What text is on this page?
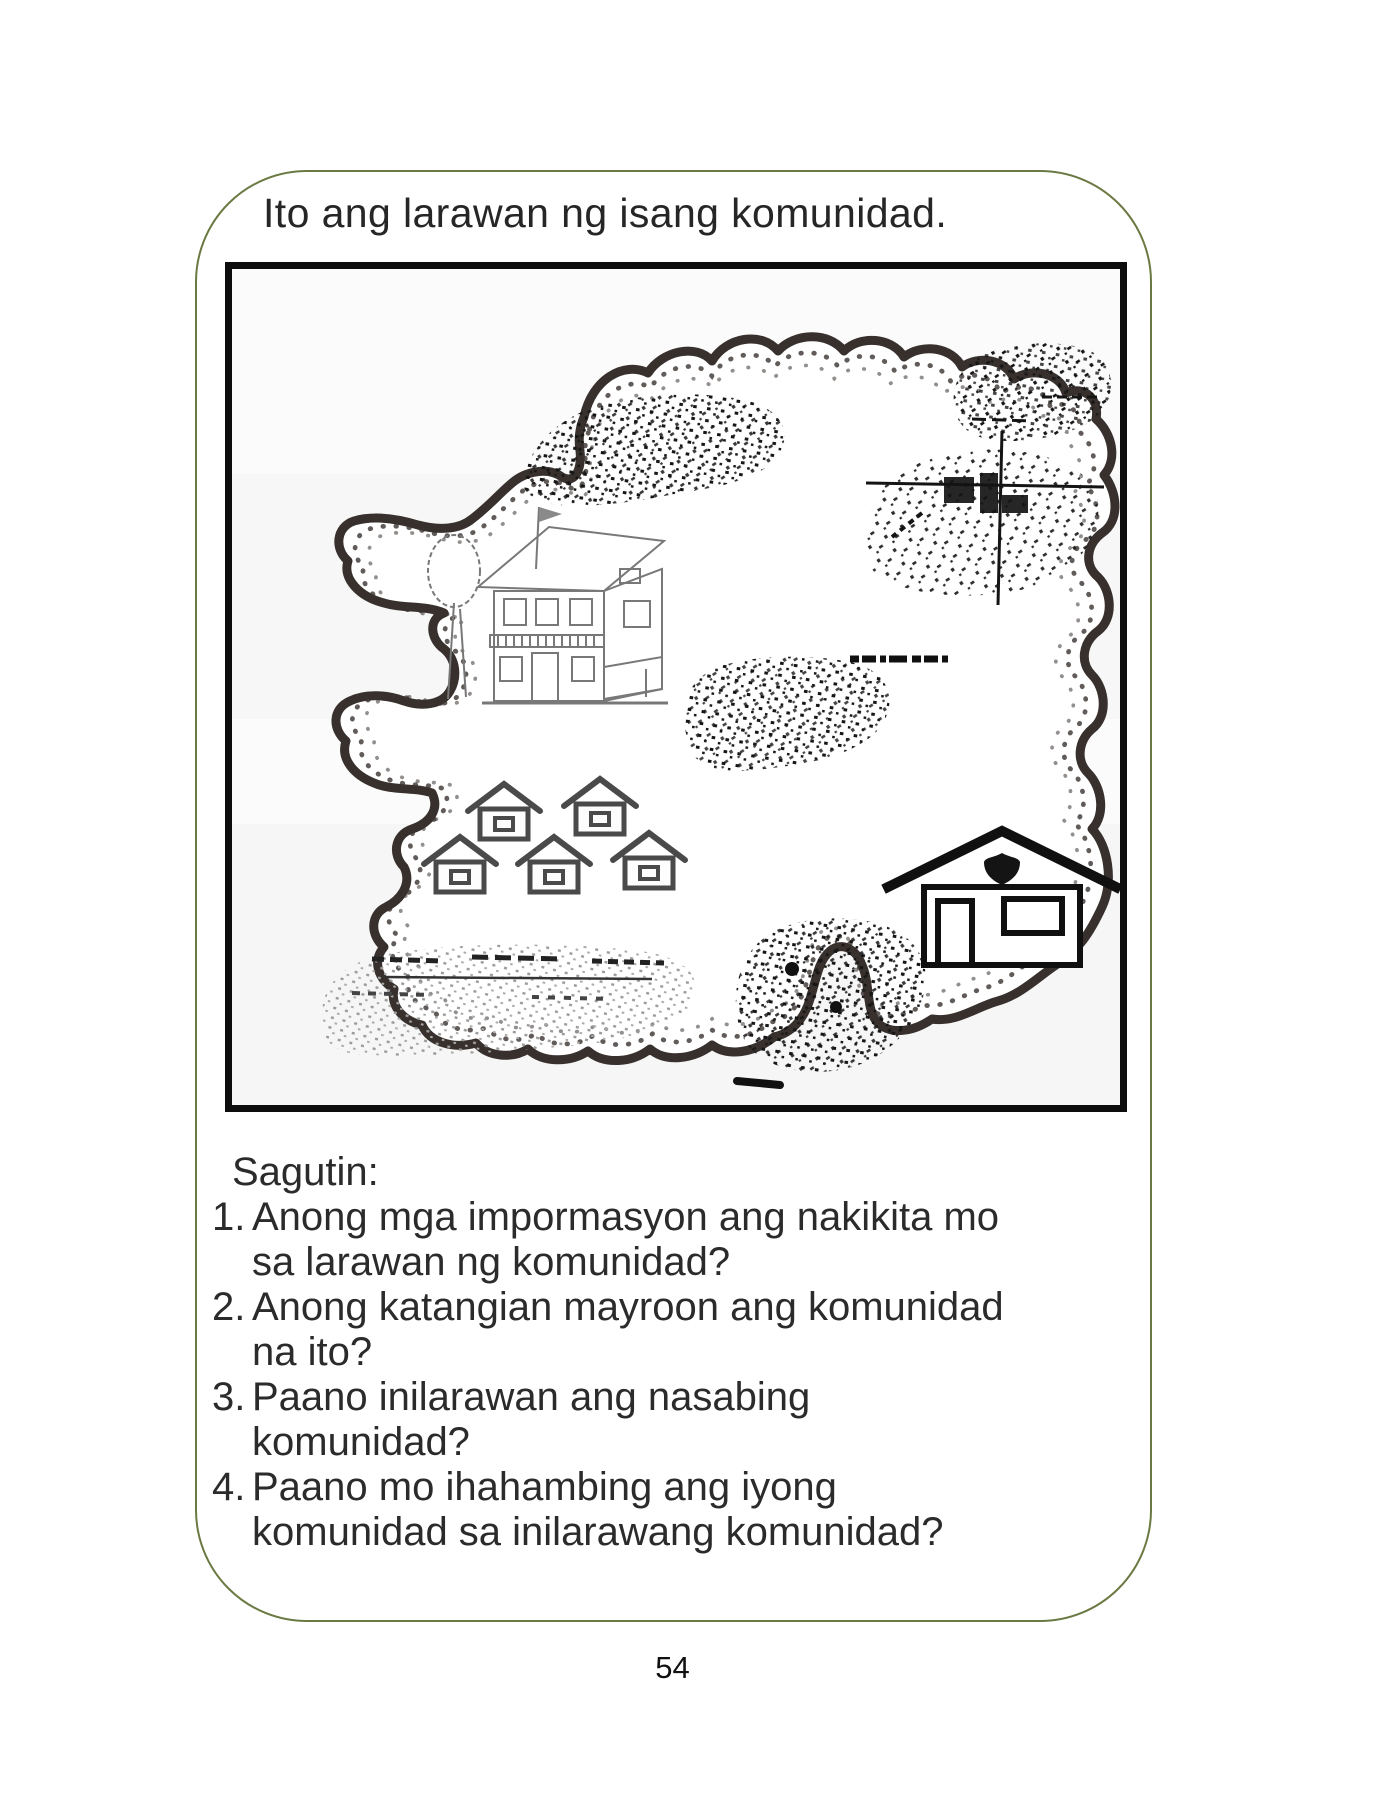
Ito ang larawan ng isang komunidad.
Sagutin:
1. Anong mga impormasyon ang nakikita mo
sa larawan ng komunidad?
2. Anong katangian mayroon ang komunidad
na ito?
3. Paano inilarawan ang nasabing
komunidad?
4. Paano mo ihahambing ang iyong
komunidad sa inilarawang komunidad?
54
